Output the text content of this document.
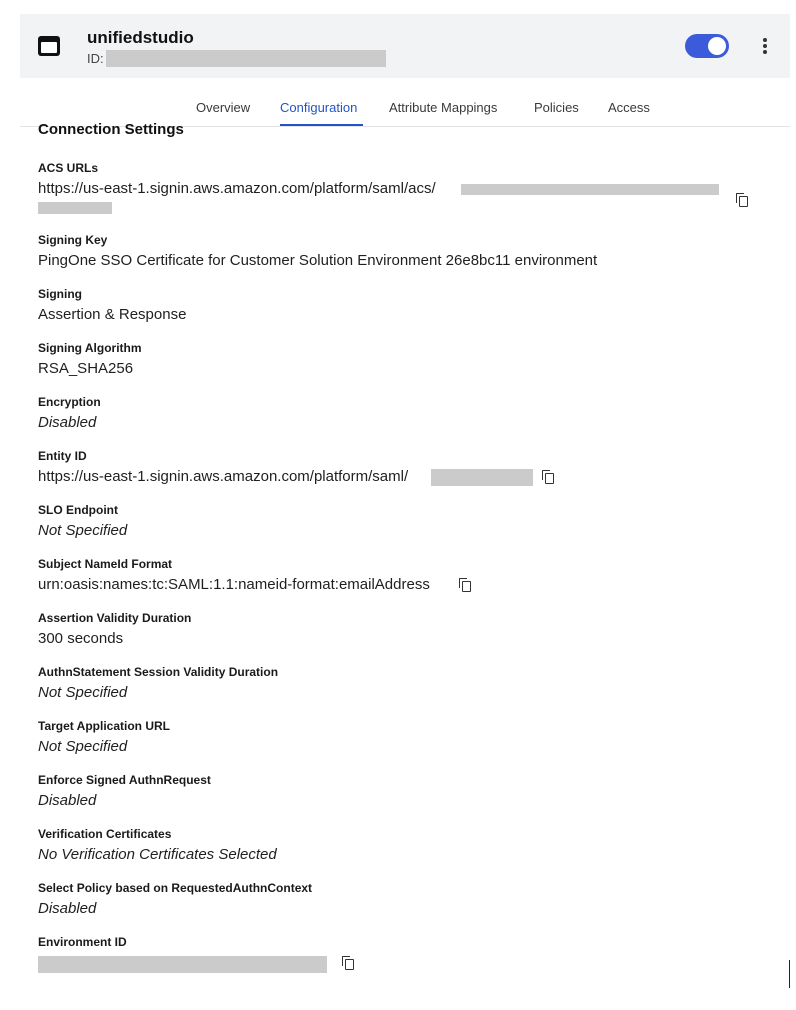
unifiedstudio
ID:
Overview Configuration Attribute Mappings	Policies Access
Connection Settings
ACS URLs
https://us-east-1.signin.aws.amazon.com/platform/saml/acs/
Signing Key
PingOne SSO Certificate for Customer Solution Environment 26e8bc11 environment
Signing
Assertion & Response
Signing Algorithm
RSA_SHA256
Encryption
Disabled
Entity ID
https://us-east-1.signin.aws.amazon.com/platform/saml/
SLO Endpoint
Not Specified
Subject NameId Format
urn:oasis:names:tc:SAML:1.1:nameid-format:emailAddress
Assertion Validity Duration
300 seconds
AuthnStatement Session Validity Duration
Not Specified
Target Application URL
Not Specified
Enforce Signed AuthnRequest
Disabled
Verification Certificates
No Verification Certificates Selected
Select Policy based on RequestedAuthnContext
Disabled
Environment ID
